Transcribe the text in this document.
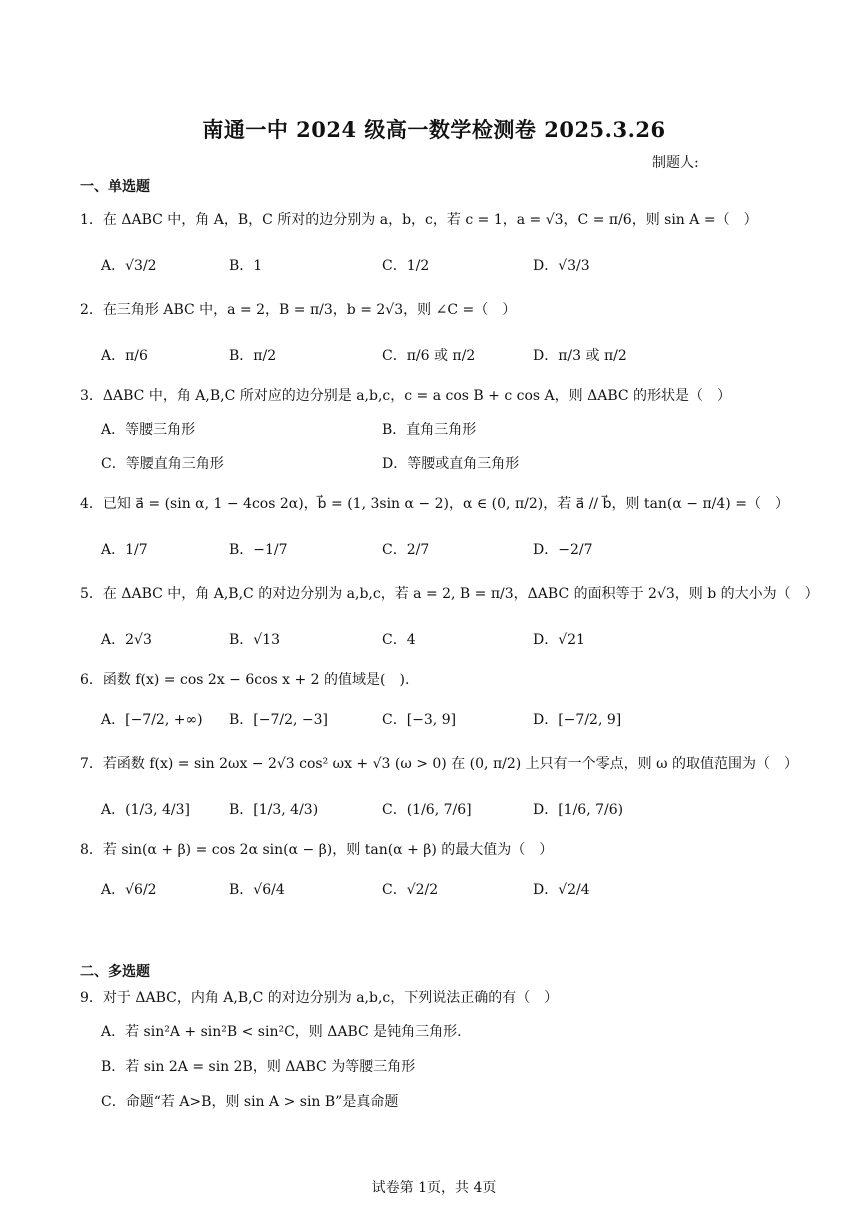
南通一中 2024 级高一数学检测卷 2025.3.26
制题人:
一、单选题
1．在 ΔABC 中，角 A，B，C 所对的边分别为 a，b，c，若 c = 1，a = √3，C = π/6，则 sin A =（　）
A．√3/2	B．1	C．1/2	D．√3/3
2．在三角形 ABC 中，a = 2，B = π/3，b = 2√3，则 ∠C =（　）
A．π/6	B．π/2	C．π/6 或 π/2	D．π/3 或 π/2
3．ΔABC 中，角 A,B,C 所对应的边分别是 a,b,c，c = a cos B + c cos A，则 ΔABC 的形状是（　）
A．等腰三角形	B．直角三角形
C．等腰直角三角形	D．等腰或直角三角形
4．已知 a⃗ = (sin α, 1 − 4cos 2α)，b⃗ = (1, 3sin α − 2)，α ∈ (0, π/2)，若 a⃗ // b⃗，则 tan(α − π/4) =（　）
A．1/7	B．−1/7	C．2/7	D．−2/7
5．在 ΔABC 中，角 A,B,C 的对边分别为 a,b,c，若 a = 2, B = π/3，ΔABC 的面积等于 2√3，则 b 的大小为（　）
A．2√3	B．√13	C．4	D．√21
6．函数 f(x) = cos 2x − 6cos x + 2 的值域是(　).
A．[−7/2, +∞) B．[−7/2, −3]	C．[−3, 9]	D．[−7/2, 9]
7．若函数 f(x) = sin 2ωx − 2√3 cos² ωx + √3 (ω > 0) 在 (0, π/2) 上只有一个零点，则 ω 的取值范围为（　）
A．(1/3, 4/3]	B．[1/3, 4/3)	C．(1/6, 7/6]	D．[1/6, 7/6)
8．若 sin(α + β) = cos 2α sin(α − β)，则 tan(α + β) 的最大值为（　）
A．√6/2	B．√6/4	C．√2/2	D．√2/4
二、多选题
9．对于 ΔABC，内角 A,B,C 的对边分别为 a,b,c，下列说法正确的有（　）
A．若 sin²A + sin²B < sin²C，则 ΔABC 是钝角三角形.
B．若 sin 2A = sin 2B，则 ΔABC 为等腰三角形
C．命题“若 A>B，则 sin A > sin B”是真命题
试卷第 1页，共 4页
